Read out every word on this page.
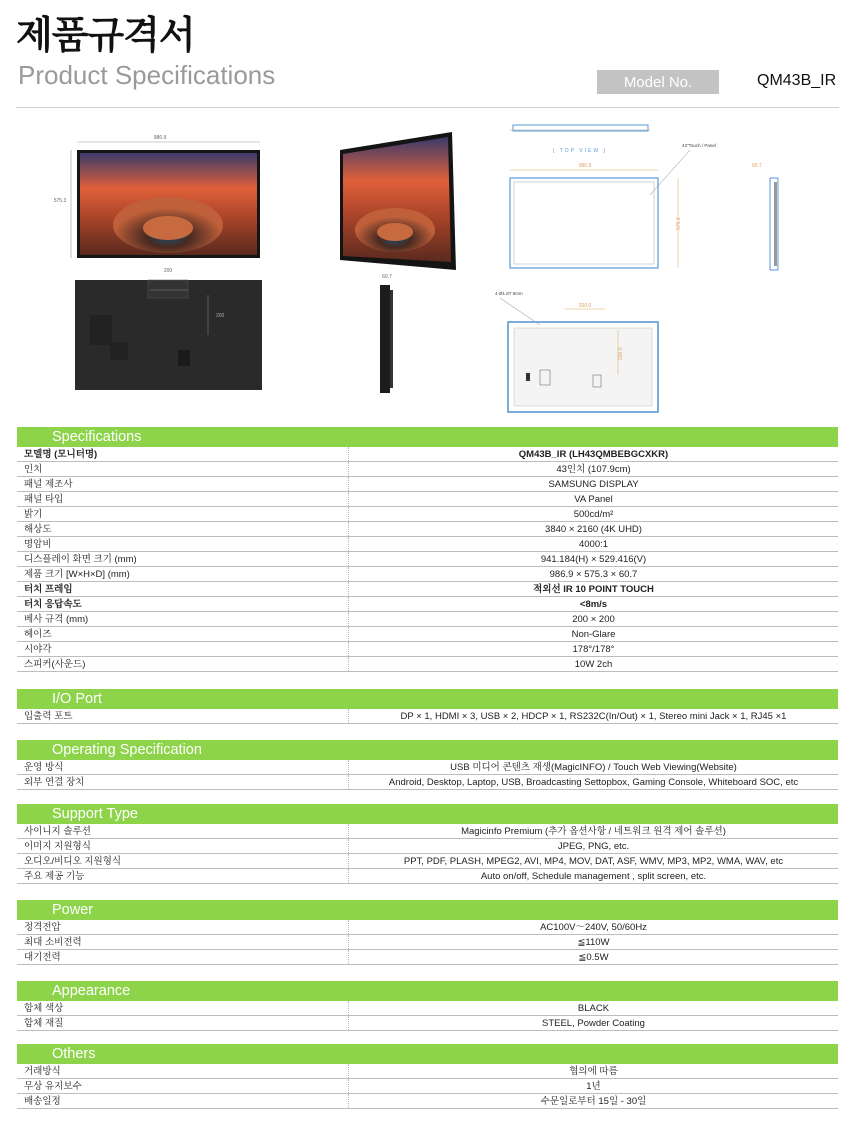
제품규격서
Product Specifications	Model No.	QM43B_IR
986.9
575.3
200
200
60.7
[ TOP VIEW ]
986.9
575.3
43"Touch / Panel
60.7
4-Ø1.8T 8mm
200.0
200.0
Specifications
모델명 (모니터명)	QM43B_IR (LH43QMBEBGCXKR)
인치	43인치 (107.9cm)
패널 제조사	SAMSUNG DISPLAY
패널 타입	VA Panel
밝기	500cd/m²
해상도	3840 × 2160 (4K UHD)
명암비	4000:1
디스플레이 화면 크기 (mm)	941.184(H) × 529.416(V)
제품 크기 [W×H×D] (mm)	986.9 × 575.3 × 60.7
터치 프레임	적외선 IR 10 POINT TOUCH
터치 응답속도	<8m/s
베사 규격 (mm)	200 × 200
헤이즈	Non-Glare
시야각	178°/178°
스피커(사운드)	10W 2ch
I/O Port
입출력 포트	DP × 1, HDMI × 3, USB × 2, HDCP × 1, RS232C(In/Out) × 1, Stereo mini Jack × 1, RJ45 ×1
Operating Specification
운영 방식	USB 미디어 콘텐츠 재생(MagicINFO) / Touch Web Viewing(Website)
외부 연결 장치	Android, Desktop, Laptop, USB, Broadcasting Settopbox, Gaming Console, Whiteboard SOC, etc
Support Type
사이니지 솔루션	Magicinfo Premium (추가 옵션사항 / 네트워크 원격 제어 솔루션)
이미지 지원형식	JPEG, PNG, etc.
오디오/비디오 지원형식	PPT, PDF, PLASH, MPEG2, AVI, MP4, MOV, DAT, ASF, WMV, MP3, MP2, WMA, WAV, etc
주요 제공 기능	Auto on/off, Schedule management , split screen, etc.
Power
정격전압	AC100V～240V, 50/60Hz
최대 소비전력	≦110W
대기전력	≦0.5W
Appearance
함체 색상	BLACK
함체 재질	STEEL, Powder Coating
Others
거래방식	협의에 따름
무상 유지보수	1년
배송일정	수문일로부터 15일 - 30일
